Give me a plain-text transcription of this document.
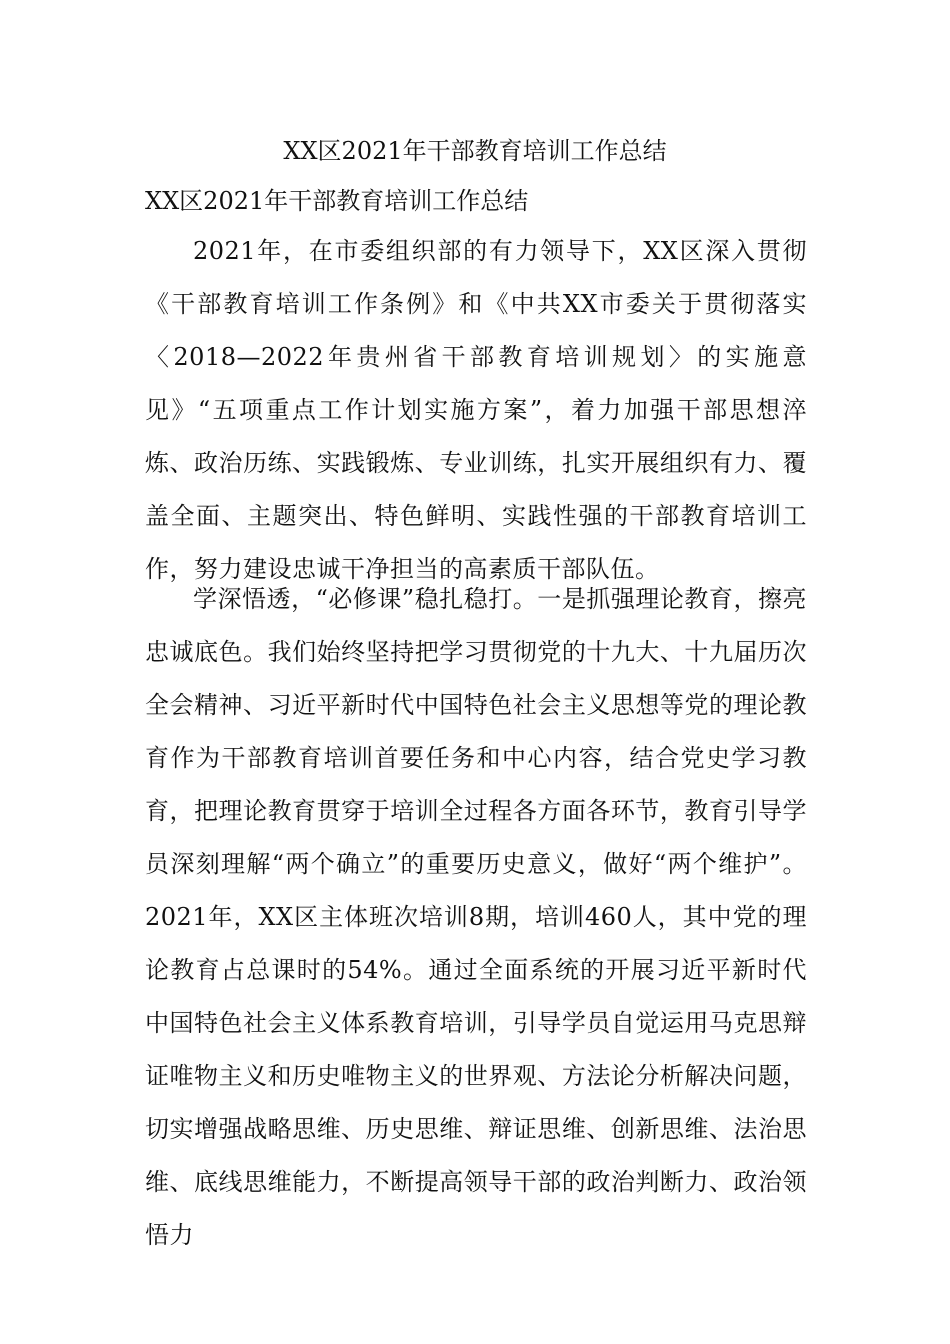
XX区2021年干部教育培训工作总结
XX区2021年干部教育培训工作总结

2021年，在市委组织部的有力领导下，XX区深入贯彻《干部教育培训工作条例》和《中共XX市委关于贯彻落实〈2018—2022年贵州省干部教育培训规划〉的实施意见》“五项重点工作计划实施方案”，着力加强干部思想淬炼、政治历练、实践锻炼、专业训练，扎实开展组织有力、覆盖全面、主题突出、特色鲜明、实践性强的干部教育培训工作，努力建设忠诚干净担当的高素质干部队伍。

学深悟透，“必修课”稳扎稳打。一是抓强理论教育，擦亮忠诚底色。我们始终坚持把学习贯彻党的十九大、十九届历次全会精神、习近平新时代中国特色社会主义思想等党的理论教育作为干部教育培训首要任务和中心内容，结合党史学习教育，把理论教育贯穿于培训全过程各方面各环节，教育引导学员深刻理解“两个确立”的重要历史意义，做好“两个维护”。2021年，XX区主体班次培训8期，培训460人，其中党的理论教育占总课时的54%。通过全面系统的开展习近平新时代中国特色社会主义体系教育培训，引导学员自觉运用马克思辩证唯物主义和历史唯物主义的世界观、方法论分析解决问题，切实增强战略思维、历史思维、辩证思维、创新思维、法治思维、底线思维能力，不断提高领导干部的政治判断力、政治领悟力
